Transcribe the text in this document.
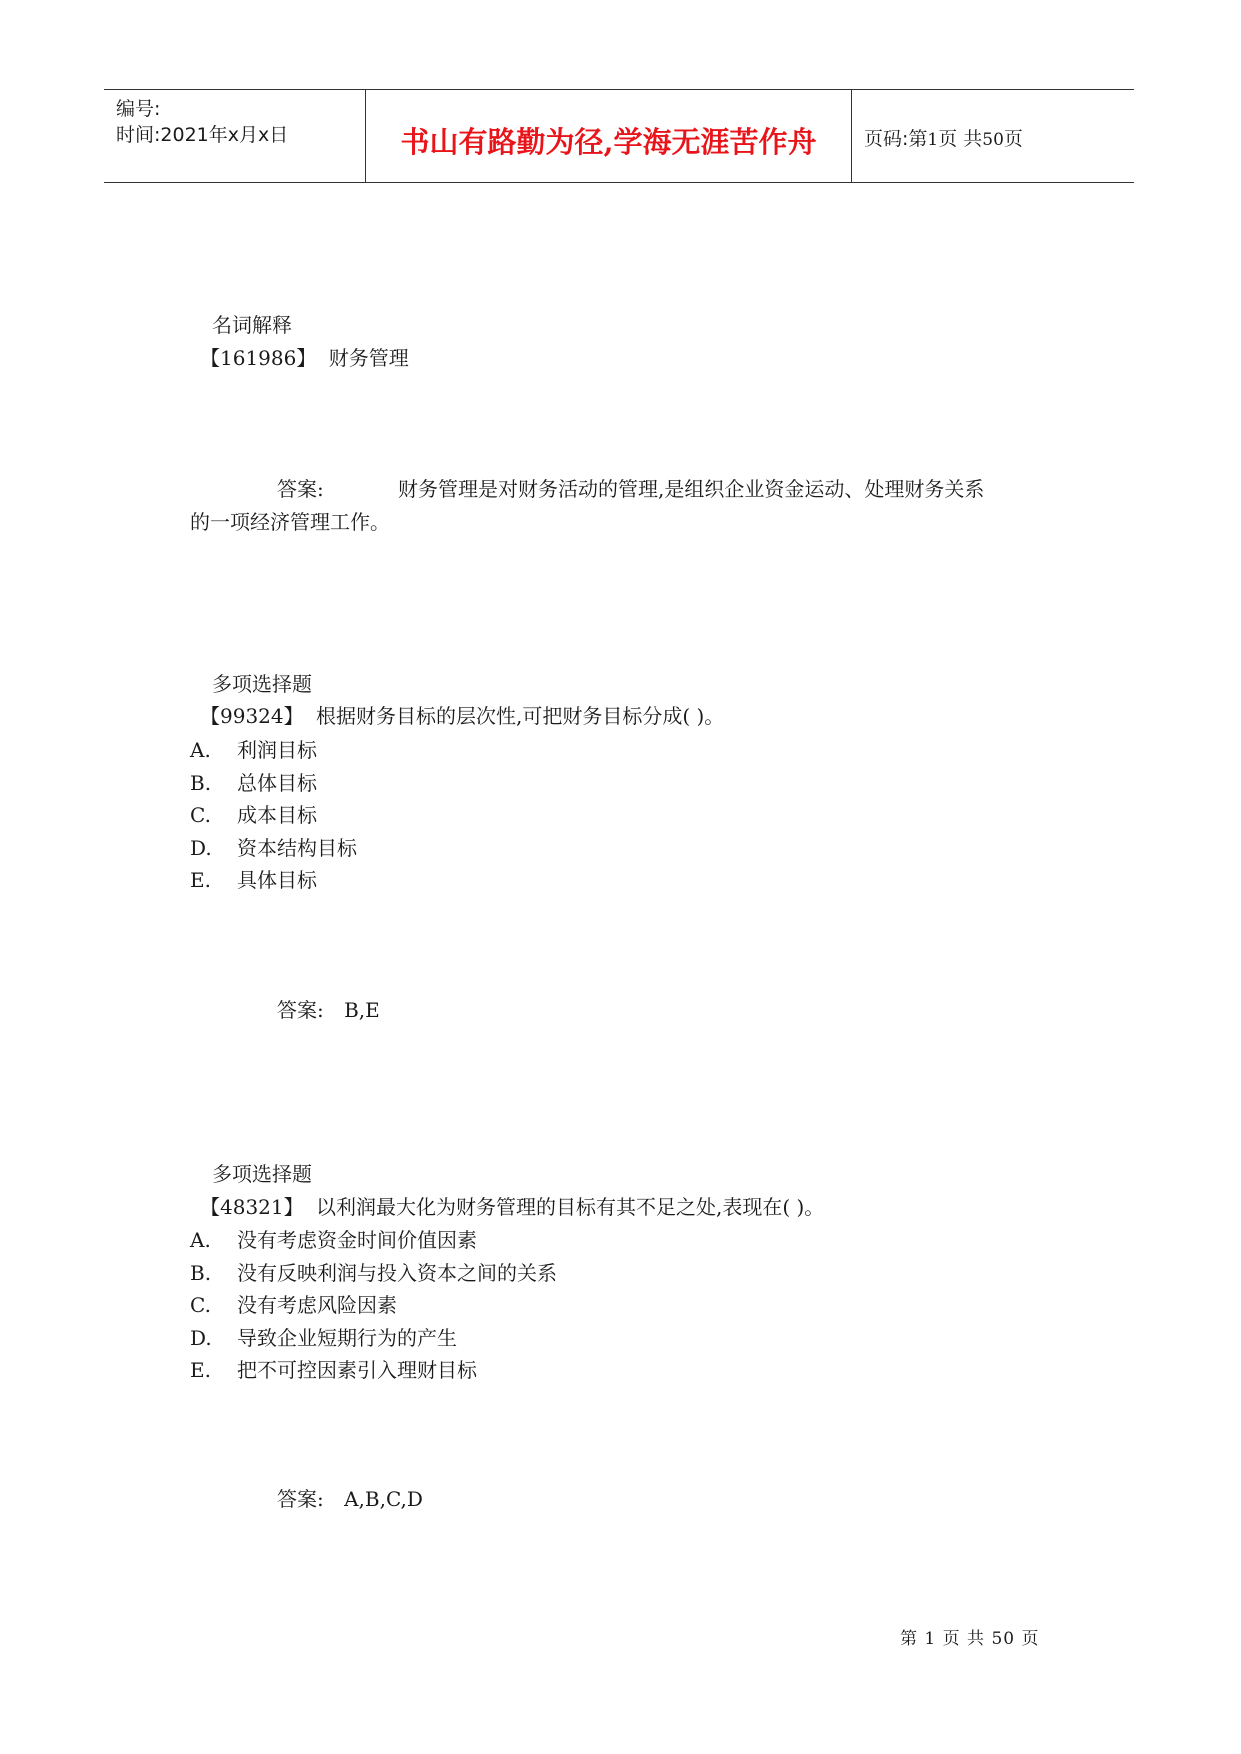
编号:
时间:2021年x月x日	书山有路勤为径,学海无涯苦作舟	页码:第1页 共50页
名词解释
【161986】 财务管理
答案:	财务管理是对财务活动的管理,是组织企业资金运动、处理财务关系
的一项经济管理工作。
多项选择题
【99324】 根据财务目标的层次性,可把财务目标分成( )。
A. 利润目标
B. 总体目标
C. 成本目标
D. 资本结构目标
E. 具体目标
答案: B,E
多项选择题
【48321】 以利润最大化为财务管理的目标有其不足之处,表现在( )。
A. 没有考虑资金时间价值因素
B. 没有反映利润与投入资本之间的关系
C. 没有考虑风险因素
D. 导致企业短期行为的产生
E. 把不可控因素引入理财目标
答案: A,B,C,D
第 1 页 共 50 页
